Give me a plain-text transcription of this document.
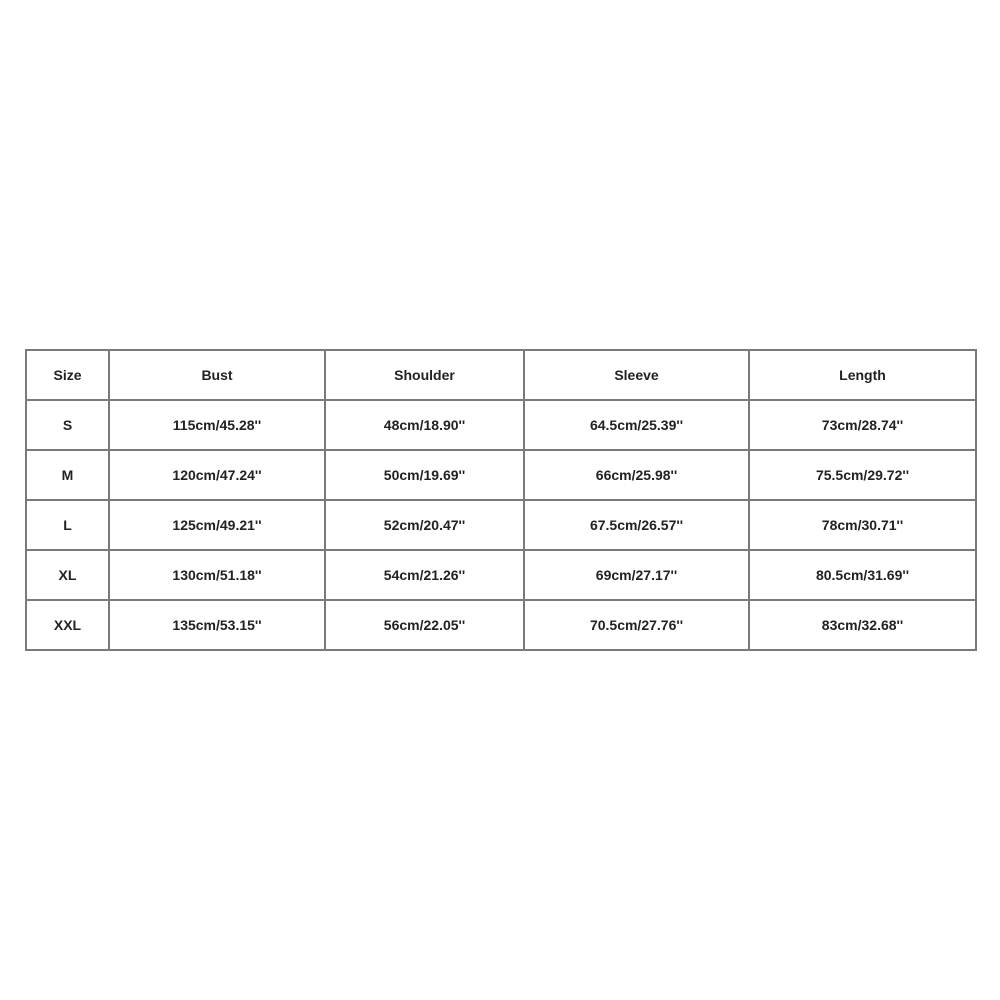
Size	Bust	Shoulder	Sleeve	Length
S	115cm/45.28''	48cm/18.90''	64.5cm/25.39''	73cm/28.74''
M	120cm/47.24''	50cm/19.69''	66cm/25.98''	75.5cm/29.72''
L	125cm/49.21''	52cm/20.47''	67.5cm/26.57''	78cm/30.71''
XL	130cm/51.18''	54cm/21.26''	69cm/27.17''	80.5cm/31.69''
XXL	135cm/53.15''	56cm/22.05''	70.5cm/27.76''	83cm/32.68''
